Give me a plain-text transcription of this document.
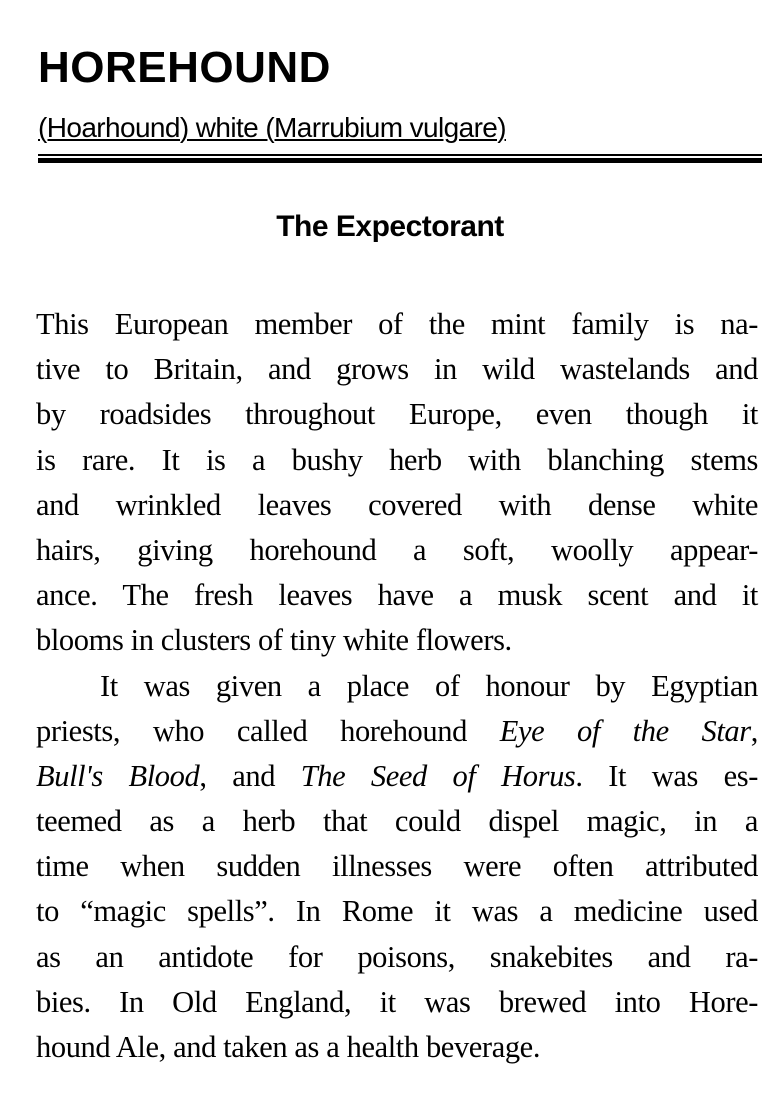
HOREHOUND
(Hoarhound) white (Marrubium vulgare)
The Expectorant
This European member of the mint family is na-
tive to Britain, and grows in wild wastelands and
by roadsides throughout Europe, even though it
is rare. It is a bushy herb with blanching stems
and wrinkled leaves covered with dense white
hairs, giving horehound a soft, woolly appear-
ance. The fresh leaves have a musk scent and it
blooms in clusters of tiny white flowers.
It was given a place of honour by Egyptian
priests, who called horehound Eye of the Star,
Bull's Blood, and The Seed of Horus. It was es-
teemed as a herb that could dispel magic, in a
time when sudden illnesses were often attributed
to “magic spells”. In Rome it was a medicine used
as an antidote for poisons, snakebites and ra-
bies. In Old England, it was brewed into Hore-
hound Ale, and taken as a health beverage.
